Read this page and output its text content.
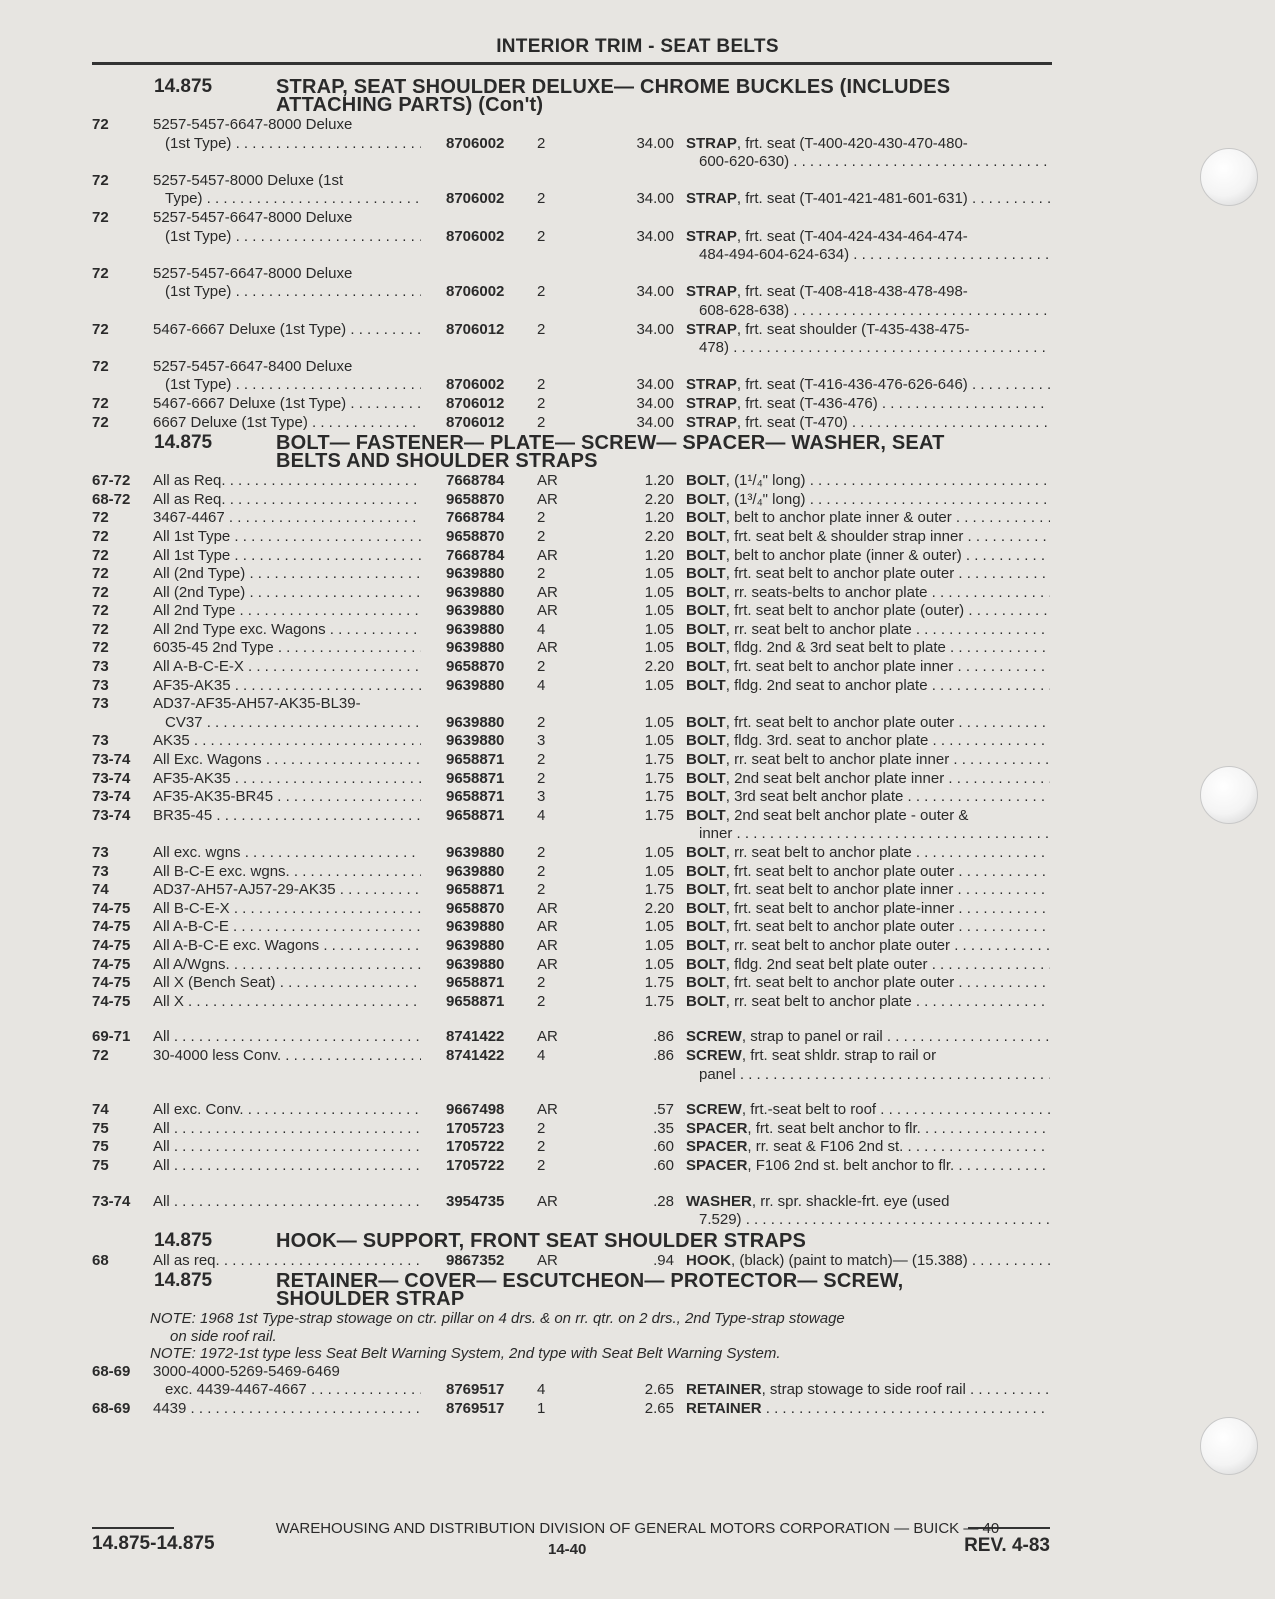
INTERIOR TRIM - SEAT BELTS
14.875	STRAP, SEAT SHOULDER DELUXE— CHROME BUCKLES (INCLUDES
ATTACHING PARTS) (Con't)
72	5257-5457-6647-8000 Deluxe
(1st Type) . . .	8706002 2	34.00 STRAP, frt. seat (T-400-420-430-470-480-
600-620-630) . . .
72	5257-5457-8000 Deluxe (1st
Type) . . .	8706002 2	34.00 STRAP, frt. seat (T-401-421-481-601-631) . . .
72	5257-5457-6647-8000 Deluxe
(1st Type) . . .	8706002 2	34.00 STRAP, frt. seat (T-404-424-434-464-474-
484-494-604-624-634) . . .
72	5257-5457-6647-8000 Deluxe
(1st Type) . . .	8706002 2	34.00 STRAP, frt. seat (T-408-418-438-478-498-
608-628-638) . . .
72	5467-6667 Deluxe (1st Type) . . .	8706012 2	34.00 STRAP, frt. seat shoulder (T-435-438-475-
478) . . .
72	5257-5457-6647-8400 Deluxe
(1st Type) . . .	8706002 2	34.00 STRAP, frt. seat (T-416-436-476-626-646) . . .
72	5467-6667 Deluxe (1st Type) . . .	8706012 2	34.00 STRAP, frt. seat (T-436-476) . . .
72	6667 Deluxe (1st Type) . . .	8706012 2	34.00 STRAP, frt. seat (T-470) . . .
14.875	BOLT— FASTENER— PLATE— SCREW— SPACER— WASHER, SEAT
BELTS AND SHOULDER STRAPS
67-72 All as Req. . . .	7668784 AR	1.20 BOLT, (1¹/₄" long) . . .
68-72 All as Req. . . .	9658870 AR	2.20 BOLT, (1³/₄" long) . . .
72	3467-4467 . . .	7668784 2	1.20 BOLT, belt to anchor plate inner & outer . . .
72	All 1st Type . . .	9658870 2	2.20 BOLT, frt. seat belt & shoulder strap inner . . .
72	All 1st Type . . .	7668784 AR	1.20 BOLT, belt to anchor plate (inner & outer) . . .
72	All (2nd Type) . . .	9639880 2	1.05 BOLT, frt. seat belt to anchor plate outer . . .
72	All (2nd Type) . . .	9639880 AR	1.05 BOLT, rr. seats-belts to anchor plate . . .
72	All 2nd Type . . .	9639880 AR	1.05 BOLT, frt. seat belt to anchor plate (outer) . . .
72	All 2nd Type exc. Wagons . . .	9639880 4	1.05 BOLT, rr. seat belt to anchor plate . . .
72	6035-45 2nd Type . . .	9639880 AR	1.05 BOLT, fldg. 2nd & 3rd seat belt to plate . . .
73	All A-B-C-E-X . . .	9658870 2	2.20 BOLT, frt. seat belt to anchor plate inner . . .
73	AF35-AK35 . . .	9639880 4	1.05 BOLT, fldg. 2nd seat to anchor plate . . .
73	AD37-AF35-AH57-AK35-BL39-
CV37 . . .	9639880 2	1.05 BOLT, frt. seat belt to anchor plate outer . . .
73	AK35 . . .	9639880 3	1.05 BOLT, fldg. 3rd. seat to anchor plate . . .
73-74 All Exc. Wagons . . .	9658871 2	1.75 BOLT, rr. seat belt to anchor plate inner . . .
73-74 AF35-AK35 . . .	9658871 2	1.75 BOLT, 2nd seat belt anchor plate inner . . .
73-74 AF35-AK35-BR45 . . .	9658871 3	1.75 BOLT, 3rd seat belt anchor plate . . .
73-74 BR35-45 . . .	9658871 4	1.75 BOLT, 2nd seat belt anchor plate - outer &
inner . . .
73	All exc. wgns . . .	9639880 2	1.05 BOLT, rr. seat belt to anchor plate . . .
73	All B-C-E exc. wgns. . . .	9639880 2	1.05 BOLT, frt. seat belt to anchor plate outer . . .
74	AD37-AH57-AJ57-29-AK35 . . .	9658871 2	1.75 BOLT, frt. seat belt to anchor plate inner . . .
74-75 All B-C-E-X . . .	9658870 AR	2.20 BOLT, frt. seat belt to anchor plate-inner . . .
74-75 All A-B-C-E . . .	9639880 AR	1.05 BOLT, frt. seat belt to anchor plate outer . . .
74-75 All A-B-C-E exc. Wagons . . .	9639880 AR	1.05 BOLT, rr. seat belt to anchor plate outer . . .
74-75 All A/Wgns. . . .	9639880 AR	1.05 BOLT, fldg. 2nd seat belt plate outer . . .
74-75 All X (Bench Seat) . . .	9658871 2	1.75 BOLT, frt. seat belt to anchor plate outer . . .
74-75 All X . . .	9658871 2	1.75 BOLT, rr. seat belt to anchor plate . . .
69-71 All . . .	8741422 AR	.86 SCREW, strap to panel or rail . . .
72	30-4000 less Conv. . . .	8741422 4	.86 SCREW, frt. seat shldr. strap to rail or
panel . . .
74	All exc. Conv. . . .	9667498 AR	.57 SCREW, frt.-seat belt to roof . . .
75	All . . .	1705723 2	.35 SPACER, frt. seat belt anchor to flr. . . .
75	All . . .	1705722 2	.60 SPACER, rr. seat & F106 2nd st. . . .
75	All . . .	1705722 2	.60 SPACER, F106 2nd st. belt anchor to flr. . . .
73-74 All . . .	3954735 AR	.28 WASHER, rr. spr. shackle-frt. eye (used
7.529) . . .
14.875	HOOK— SUPPORT, FRONT SEAT SHOULDER STRAPS
68	All as req. . . .	9867352 AR	.94 HOOK, (black) (paint to match)— (15.388) . . .
14.875	RETAINER— COVER— ESCUTCHEON— PROTECTOR— SCREW,
SHOULDER STRAP
NOTE: 1968 1st Type-strap stowage on ctr. pillar on 4 drs. & on rr. qtr. on 2 drs., 2nd Type-strap stowage
on side roof rail.
NOTE: 1972-1st type less Seat Belt Warning System, 2nd type with Seat Belt Warning System.
68-69 3000-4000-5269-5469-6469
exc. 4439-4467-4667 . . .	8769517 4	2.65 RETAINER, strap stowage to side roof rail . . .
68-69 4439 . . .	8769517 1	2.65 RETAINER . . .
WAREHOUSING AND DISTRIBUTION DIVISION OF GENERAL MOTORS CORPORATION — BUICK — 40
14.875-14.875	14-40	REV. 4-83
